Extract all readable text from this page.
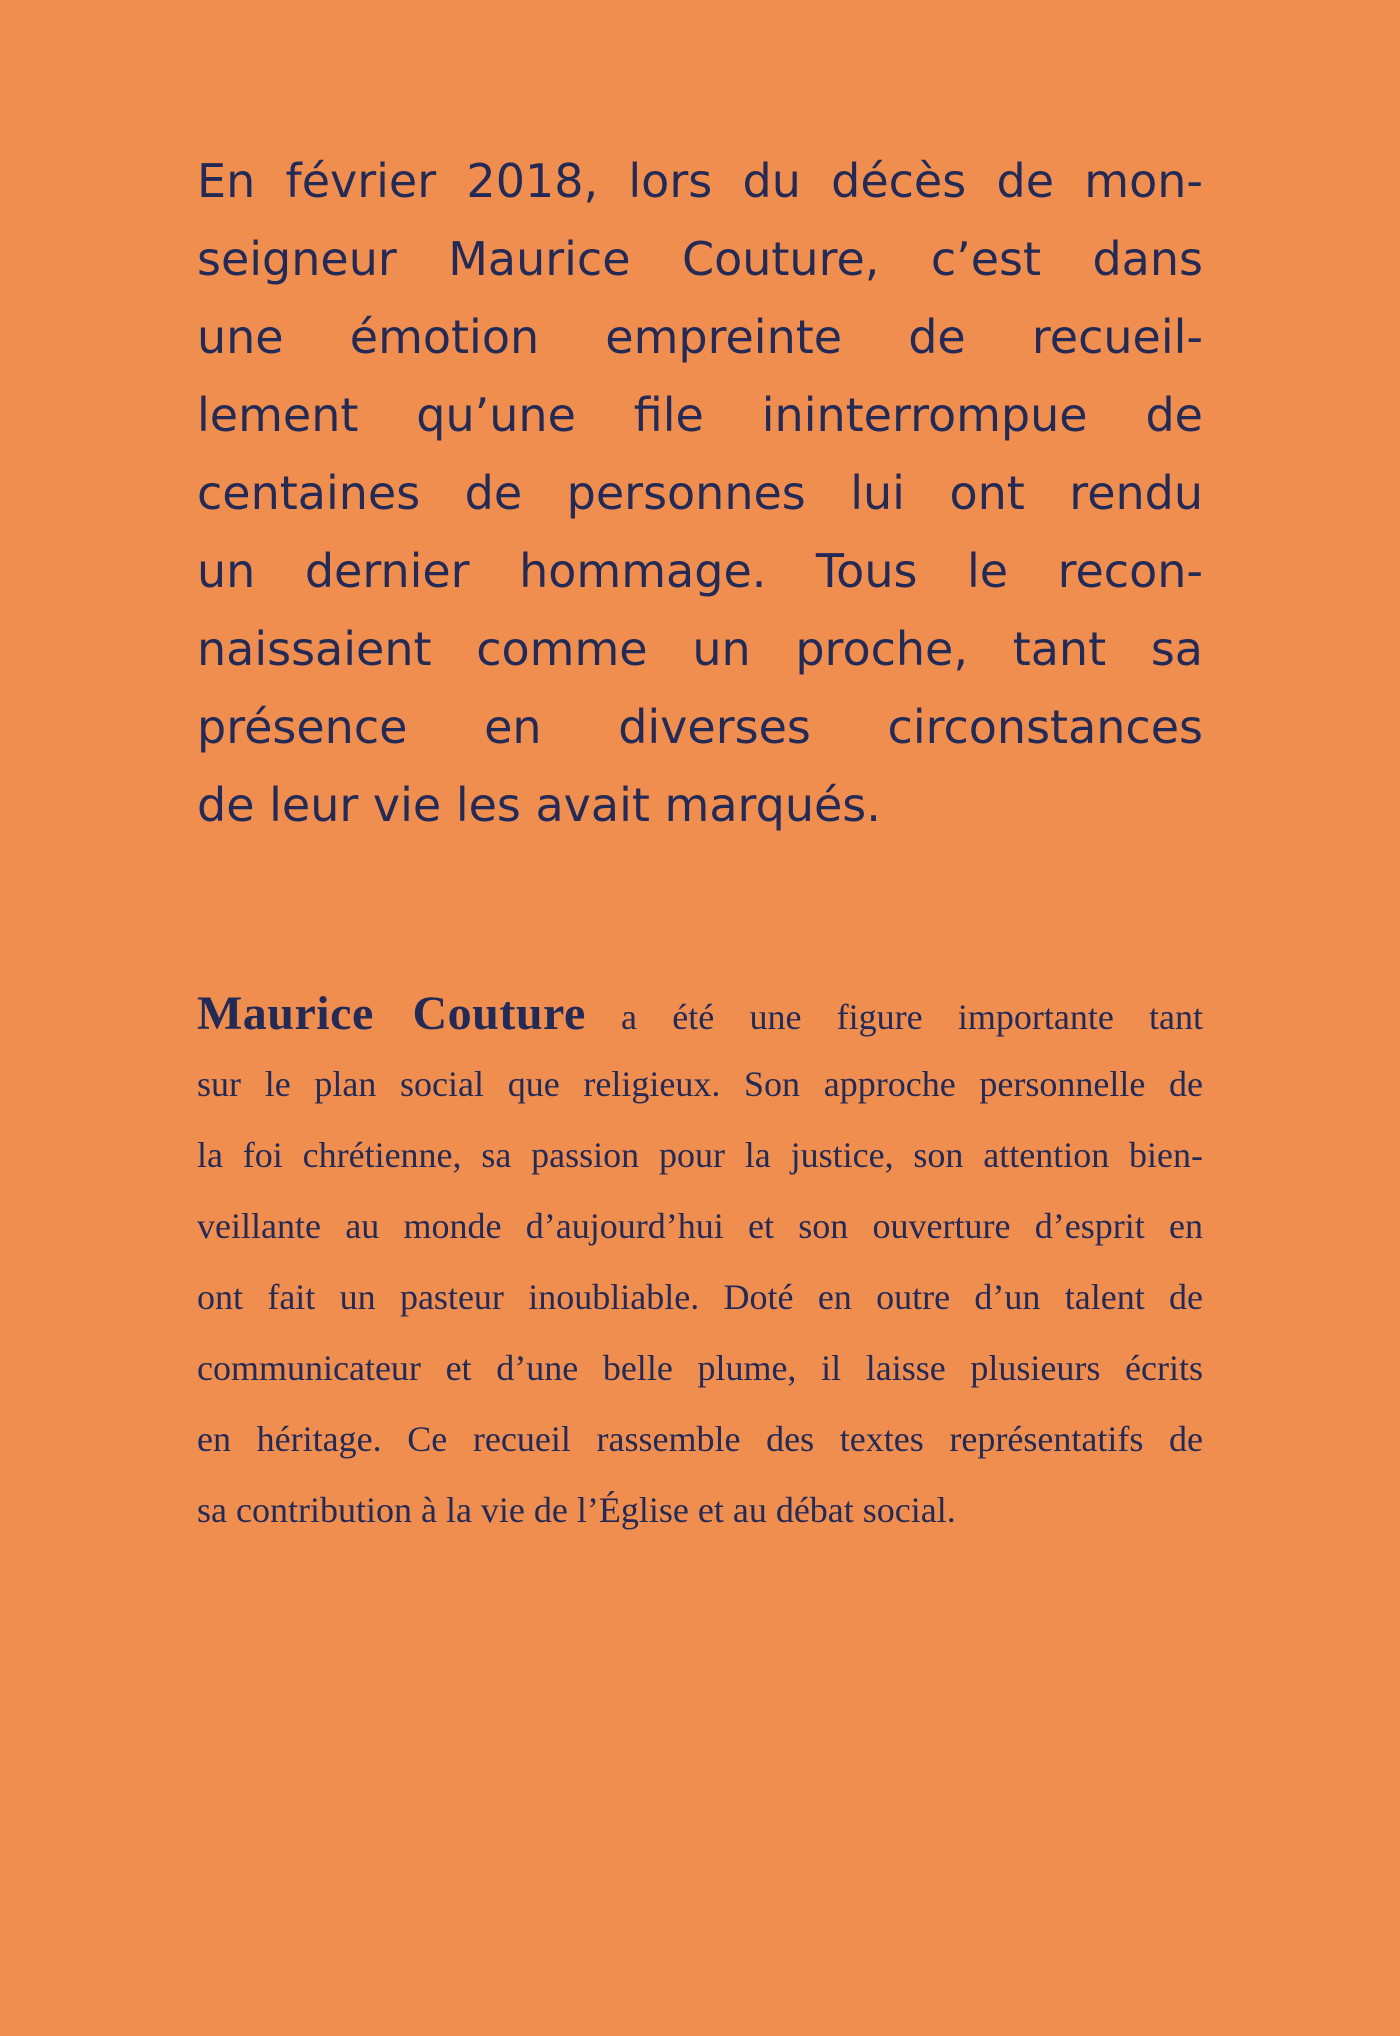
En février 2018, lors du décès de mon-
seigneur Maurice Couture, c’est dans
une émotion empreinte de recueil-
lement qu’une file ininterrompue de
centaines de personnes lui ont rendu
un dernier hommage. Tous le recon-
naissaient comme un proche, tant sa
présence en diverses circonstances
de leur vie les avait marqués.
Maurice Couture a été une figure importante tant
sur le plan social que religieux. Son approche personnelle de
la foi chrétienne, sa passion pour la justice, son attention bien-
veillante au monde d’aujourd’hui et son ouverture d’esprit en
ont fait un pasteur inoubliable. Doté en outre d’un talent de
communicateur et d’une belle plume, il laisse plusieurs écrits
en héritage. Ce recueil rassemble des textes représentatifs de
sa contribution à la vie de l’Église et au débat social.
